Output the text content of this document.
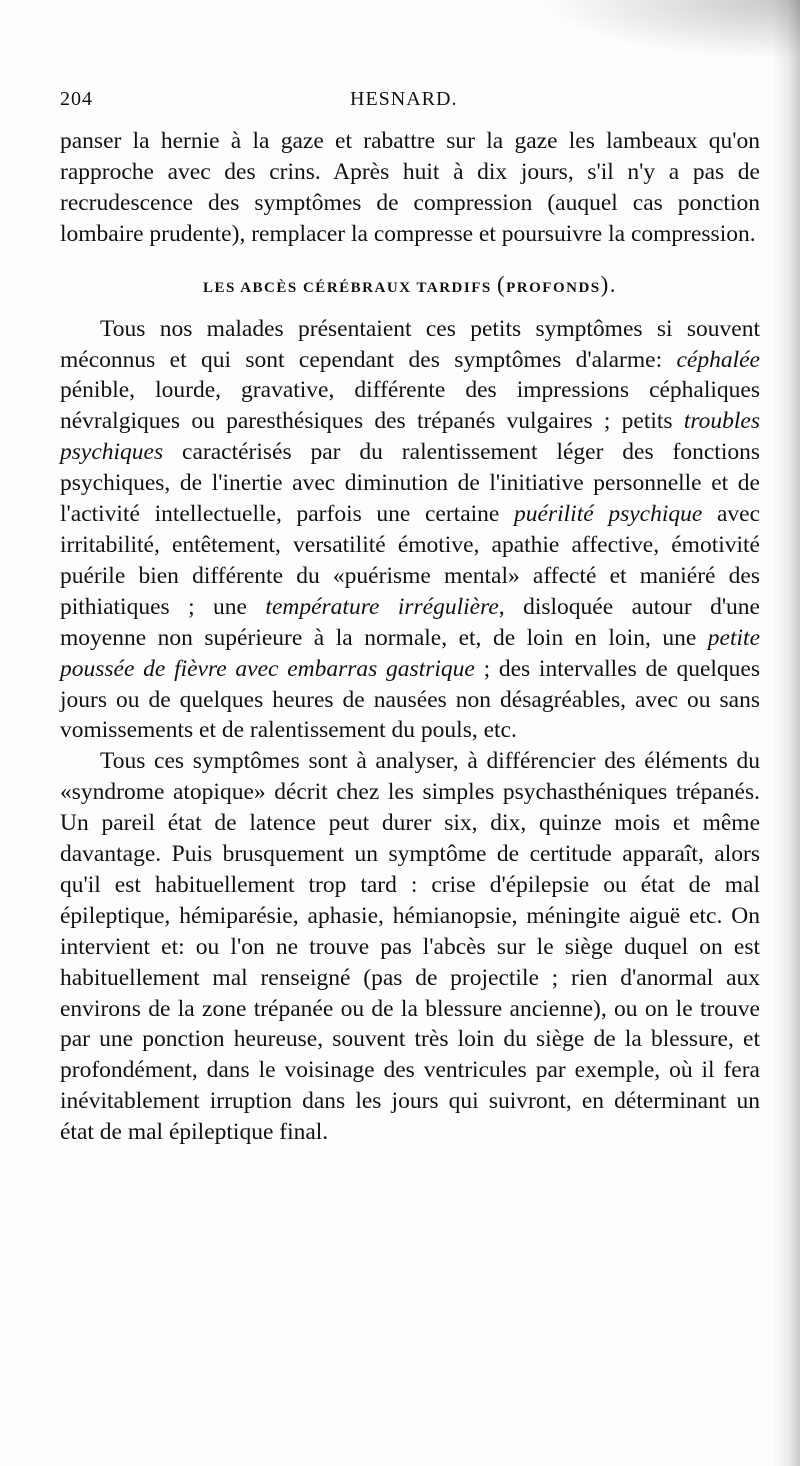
204	HESNARD.

panser la hernie à la gaze et rabattre sur la gaze les lambeaux qu'on rapproche avec des crins. Après huit à dix jours, s'il n'y a pas de recrudescence des symptômes de compression (auquel cas ponction lombaire prudente), remplacer la compresse et poursuivre la compression.

LES ABCÈS CÉRÉBRAUX TARDIFS (PROFONDS).

Tous nos malades présentaient ces petits symptômes si souvent méconnus et qui sont cependant des symptômes d'alarme: céphalée pénible, lourde, gravative, différente des impressions céphaliques névralgiques ou paresthésiques des trépanés vulgaires ; petits troubles psychiques caractérisés par du ralentissement léger des fonctions psychiques, de l'inertie avec diminution de l'initiative personnelle et de l'activité intellectuelle, parfois une certaine puérilité psychique avec irritabilité, entêtement, versatilité émotive, apathie affective, émotivité puérile bien différente du «puérisme mental» affecté et maniéré des pithiatiques ; une température irrégulière, disloquée autour d'une moyenne non supérieure à la normale, et, de loin en loin, une petite poussée de fièvre avec embarras gastrique ; des intervalles de quelques jours ou de quelques heures de nausées non désagréables, avec ou sans vomissements et de ralentissement du pouls, etc.

Tous ces symptômes sont à analyser, à différencier des éléments du «syndrome atopique» décrit chez les simples psychasthéniques trépanés. Un pareil état de latence peut durer six, dix, quinze mois et même davantage. Puis brusquement un symptôme de certitude apparaît, alors qu'il est habituellement trop tard : crise d'épilepsie ou état de mal épileptique, hémiparésie, aphasie, hémianopsie, méningite aiguë etc. On intervient et: ou l'on ne trouve pas l'abcès sur le siège duquel on est habituellement mal renseigné (pas de projectile ; rien d'anormal aux environs de la zone trépanée ou de la blessure ancienne), ou on le trouve par une ponction heureuse, souvent très loin du siège de la blessure, et profondément, dans le voisinage des ventricules par exemple, où il fera inévitablement irruption dans les jours qui suivront, en déterminant un état de mal épileptique final.
